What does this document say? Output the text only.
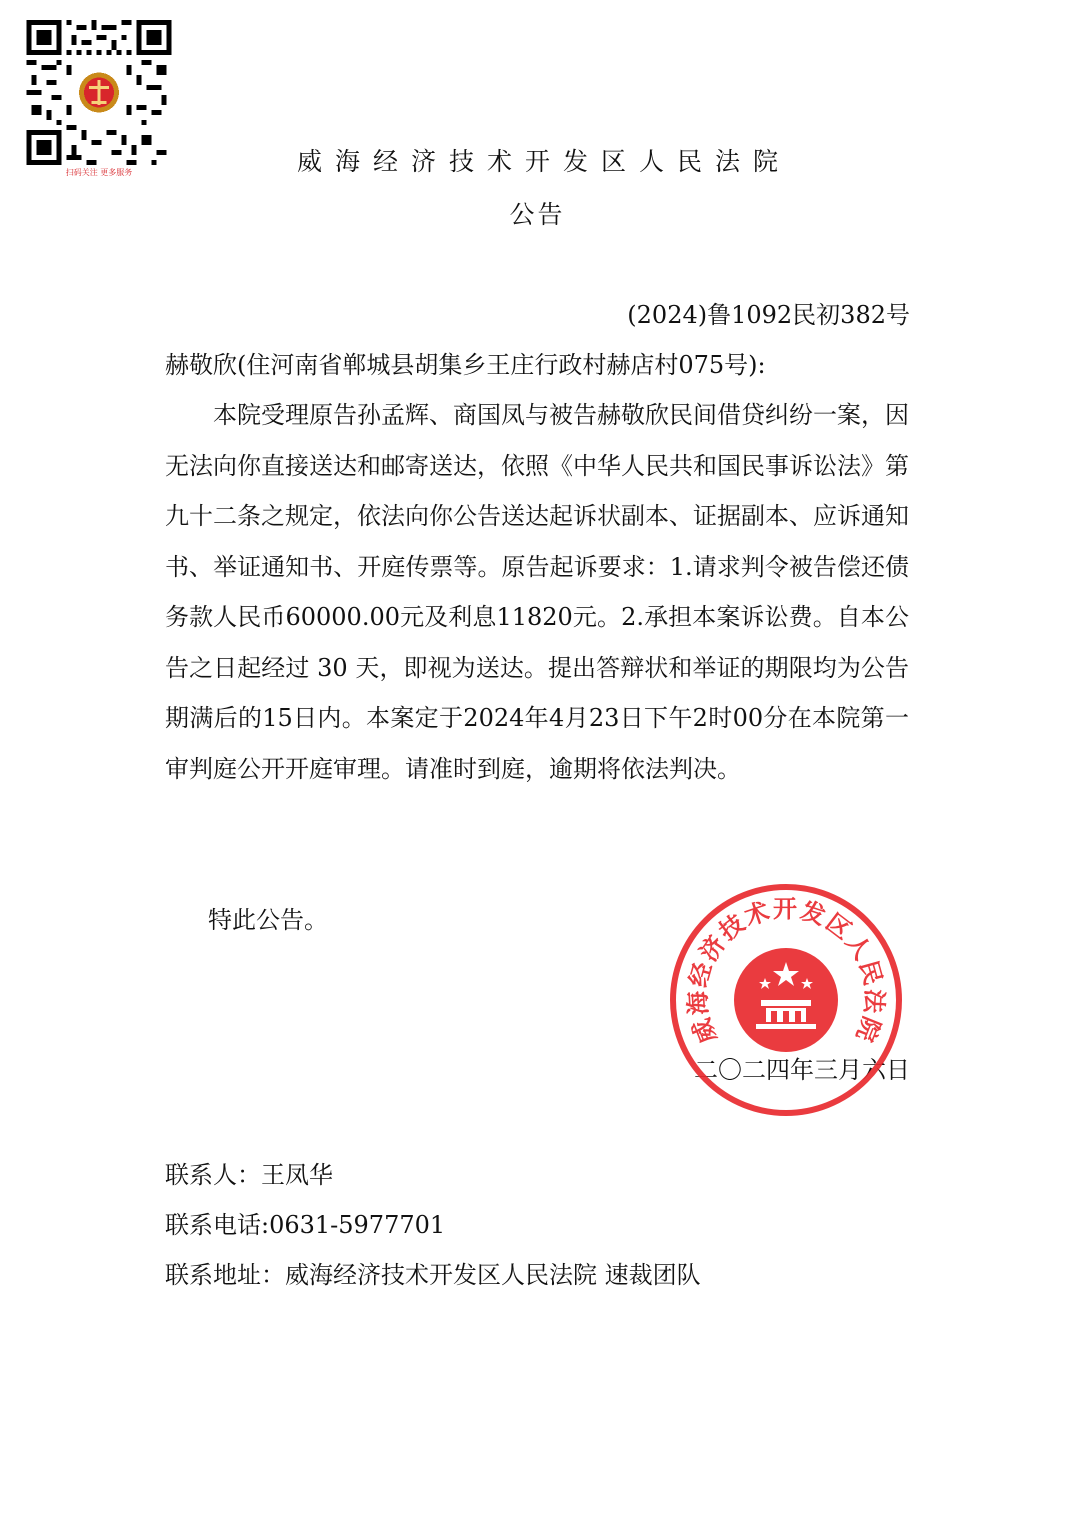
扫码关注 更多服务	威海经济技术开发区人民法院
公告
(2024)鲁1092民初382号
赫敬欣(住河南省郸城县胡集乡王庄行政村赫店村075号):

本院受理原告孙孟辉、商国凤与被告赫敬欣民间借贷纠纷一案，因无法向你直接送达和邮寄送达，依照《中华人民共和国民事诉讼法》第九十二条之规定，依法向你公告送达起诉状副本、证据副本、应诉通知书、举证通知书、开庭传票等。原告起诉要求：1.请求判令被告偿还债务款人民币60000.00元及利息11820元。2.承担本案诉讼费。自本公告之日起经过 30 天，即视为送达。提出答辩状和举证的期限均为公告期满后的15日内。本案定于2024年4月23日下午2时00分在本院第一审判庭公开开庭审理。请准时到庭，逾期将依法判决。

特此公告。
二〇二四年三月六日
威海经济技术开发区人民法院
联系人：王凤华
联系电话:0631-5977701
联系地址：威海经济技术开发区人民法院 速裁团队
